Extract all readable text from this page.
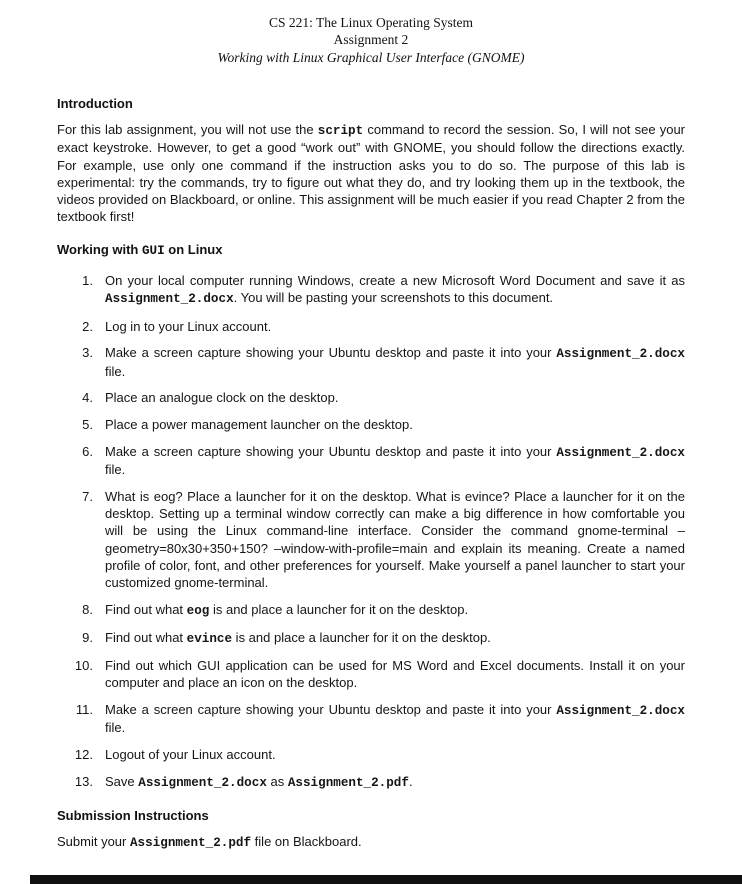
CS 221: The Linux Operating System
Assignment 2
Working with Linux Graphical User Interface (GNOME)
Introduction

For this lab assignment, you will not use the script command to record the session. So, I will not see your exact keystroke. However, to get a good “work out” with GNOME, you should follow the directions exactly. For example, use only one command if the instruction asks you to do so. The purpose of this lab is experimental: try the commands, try to figure out what they do, and try looking them up in the textbook, the videos provided on Blackboard, or online. This assignment will be much easier if you read Chapter 2 from the textbook first!

Working with GUI on Linux
1. On your local computer running Windows, create a new Microsoft Word Document and save it as Assignment_2.docx. You will be pasting your screenshots to this document.
2. Log in to your Linux account.
3. Make a screen capture showing your Ubuntu desktop and paste it into your Assignment_2.docx file.
4. Place an analogue clock on the desktop.
5. Place a power management launcher on the desktop.
6. Make a screen capture showing your Ubuntu desktop and paste it into your Assignment_2.docx file.
7. What is eog? Place a launcher for it on the desktop. What is evince? Place a launcher for it on the desktop. Setting up a terminal window correctly can make a big difference in how comfortable you will be using the Linux command-line interface. Consider the command gnome-terminal –geometry=80x30+350+150? –window-with-profile=main and explain its meaning. Create a named profile of color, font, and other preferences for yourself. Make yourself a panel launcher to start your customized gnome-terminal.
8. Find out what eog is and place a launcher for it on the desktop.
9. Find out what evince is and place a launcher for it on the desktop.
10. Find out which GUI application can be used for MS Word and Excel documents. Install it on your computer and place an icon on the desktop.
11. Make a screen capture showing your Ubuntu desktop and paste it into your Assignment_2.docx file.
12. Logout of your Linux account.
13. Save Assignment_2.docx as Assignment_2.pdf.
Submission Instructions

Submit your Assignment_2.pdf file on Blackboard.
